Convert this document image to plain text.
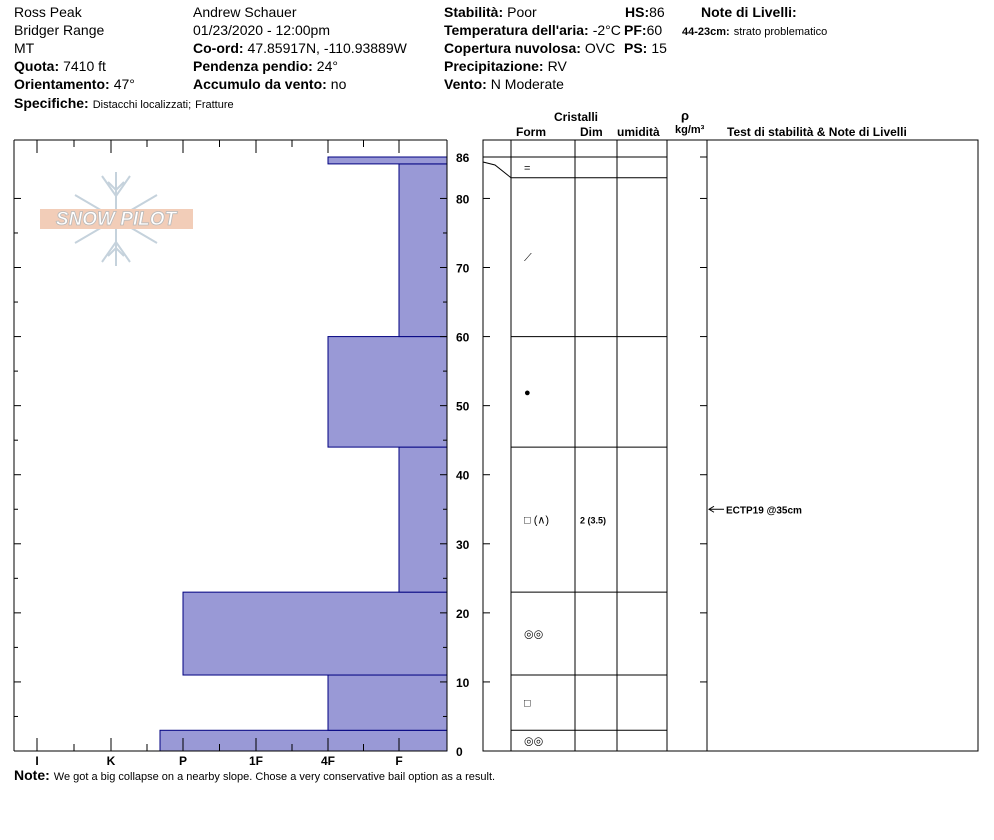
Ross Peak
Bridger Range
MT
Quota: 7410 ft
Orientamento: 47°
Andrew Schauer
01/23/2020 - 12:00pm
Co-ord: 47.85917N, -110.93889W
Pendenza pendio: 24°
Accumulo da vento: no
Stabilità: Poor
Temperatura dell'aria: -2°C
Copertura nuvolosa: OVC
Precipitazione: RV
Vento: N Moderate
HS:86
PF:60
PS: 15
Note di Livelli:
44-23cm: strato problematico
Specifiche: Distacchi localizzati; Fratture
Cristalli
Form	Dim umidità
ρ
kg/m³ Test di stabilità & Note di Livelli
SNOW PILOT
I	K	P	1F	4F	F
0
10
20
30
40
50
60
70
80
86
◎◎
□
◎◎
□ (∧)	2 (3.5)
●
⟋
=
ECTP19 @35cm
Note: We got a big collapse on a nearby slope. Chose a very conservative bail option as a result.
